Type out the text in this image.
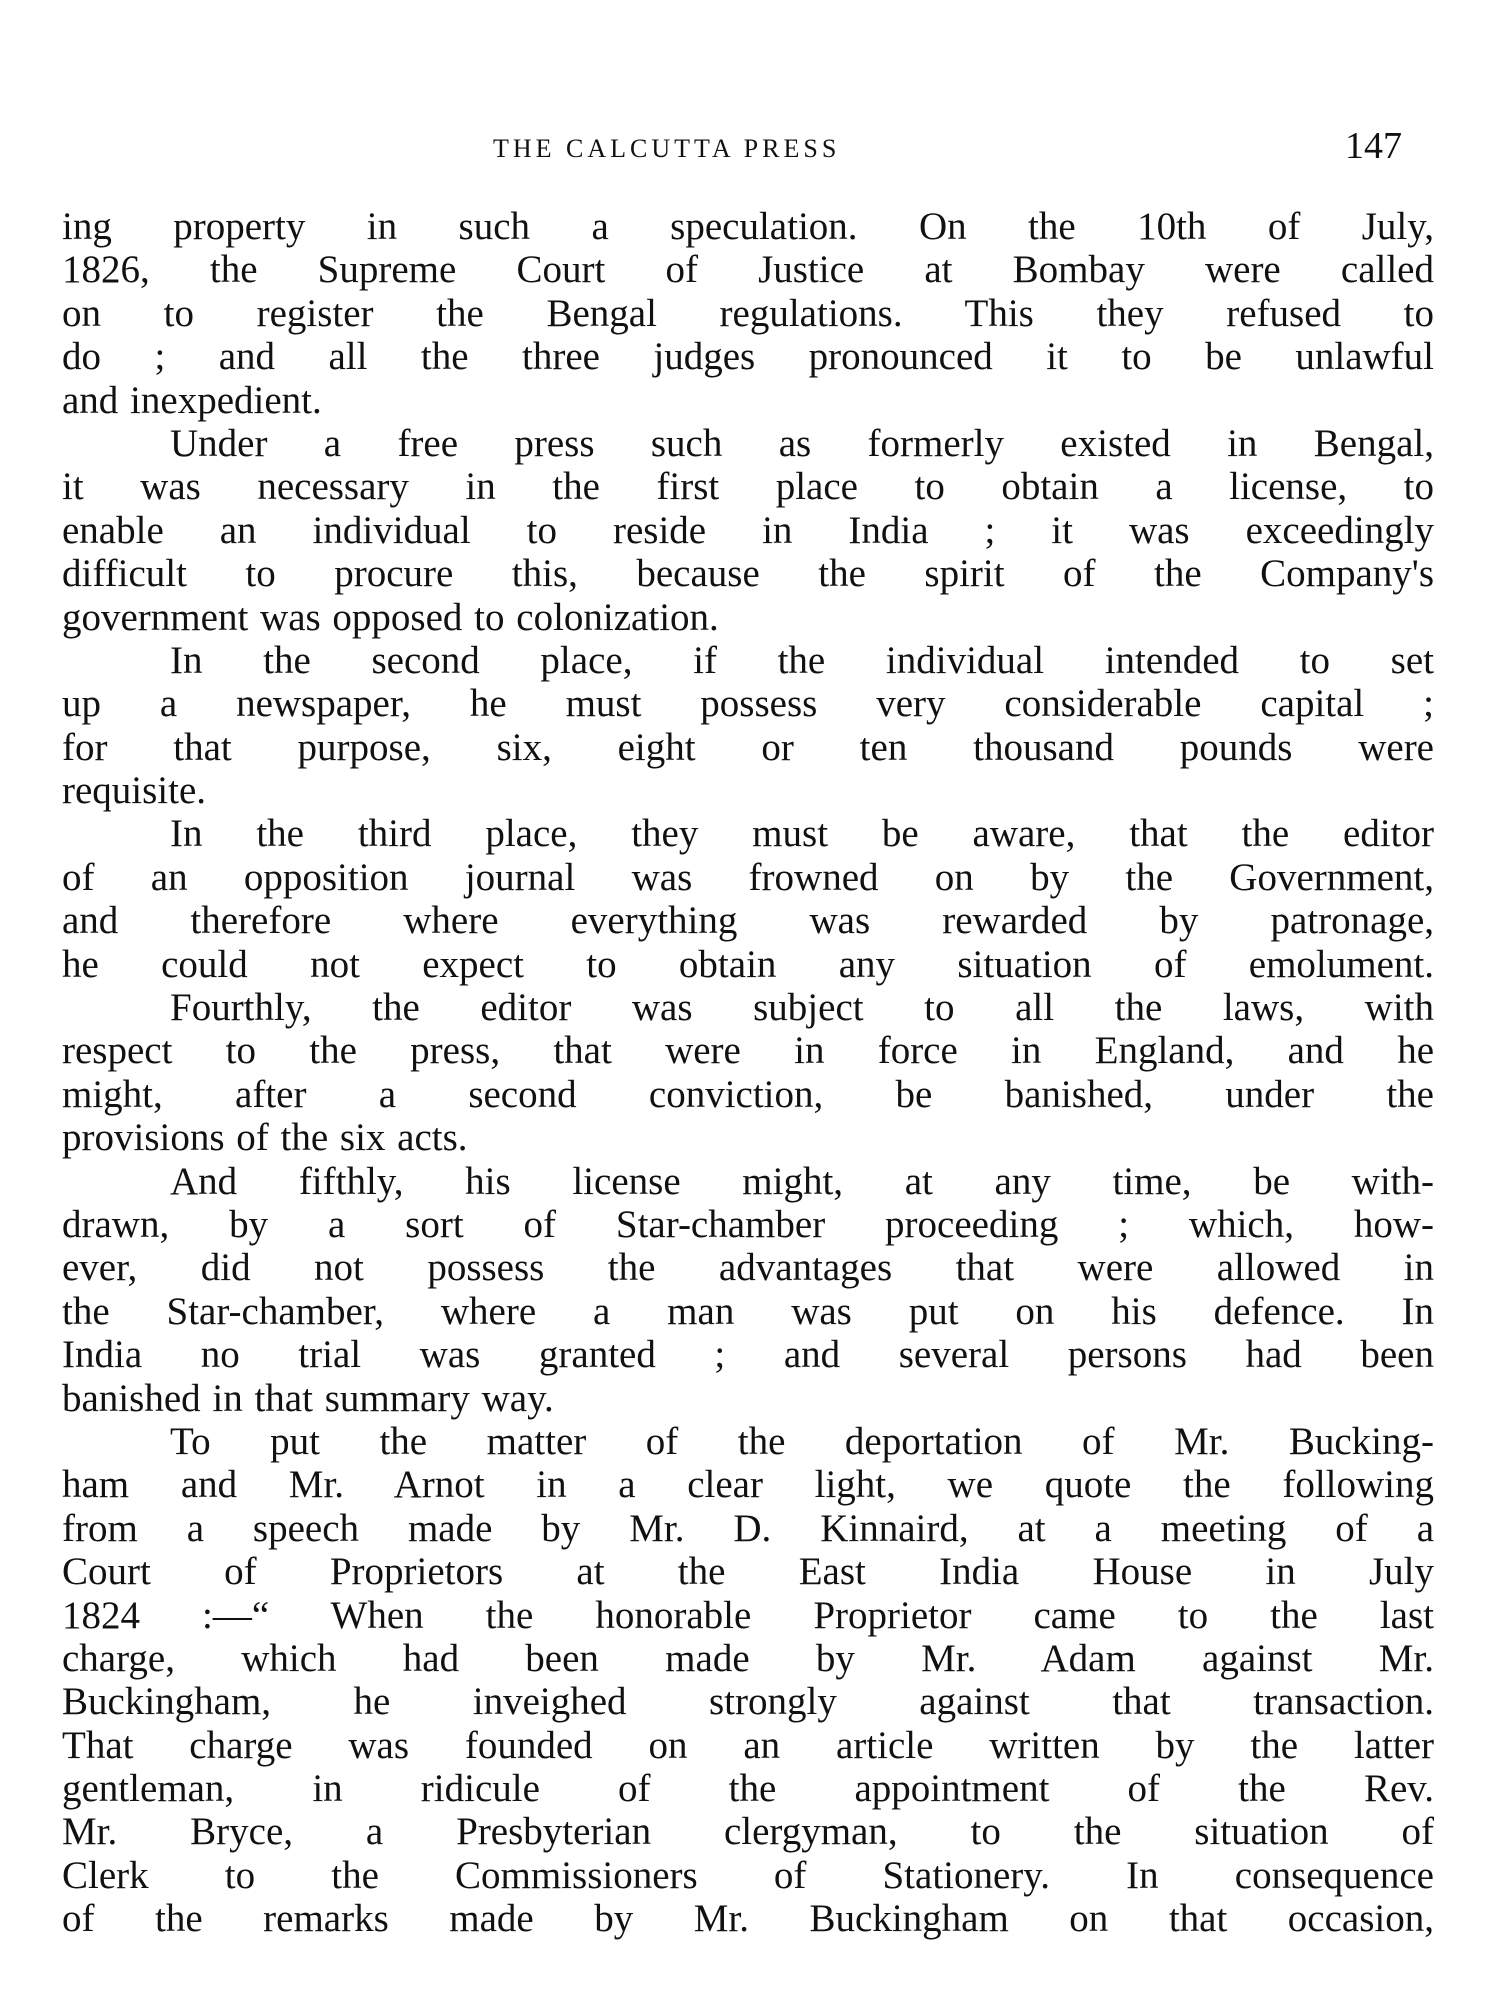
THE CALCUTTA PRESS	147
ing property in such a speculation. On the 10th of July,
1826, the Supreme Court of Justice at Bombay were called
on to register the Bengal regulations. This they refused to
do ; and all the three judges pronounced it to be unlawful
and inexpedient.
Under a free press such as formerly existed in Bengal,
it was necessary in the first place to obtain a license, to
enable an individual to reside in India ; it was exceedingly
difficult to procure this, because the spirit of the Company's
government was opposed to colonization.
In the second place, if the individual intended to set
up a newspaper, he must possess very considerable capital ;
for that purpose, six, eight or ten thousand pounds were
requisite.
In the third place, they must be aware, that the editor
of an opposition journal was frowned on by the Government,
and therefore where everything was rewarded by patronage,
he could not expect to obtain any situation of emolument.
Fourthly, the editor was subject to all the laws, with
respect to the press, that were in force in England, and he
might, after a second conviction, be banished, under the
provisions of the six acts.
And fifthly, his license might, at any time, be with-
drawn, by a sort of Star-chamber proceeding ; which, how-
ever, did not possess the advantages that were allowed in
the Star-chamber, where a man was put on his defence. In
India no trial was granted ; and several persons had been
banished in that summary way.
To put the matter of the deportation of Mr. Bucking-
ham and Mr. Arnot in a clear light, we quote the following
from a speech made by Mr. D. Kinnaird, at a meeting of a
Court of Proprietors at the East India House in July
1824 :—“ When the honorable Proprietor came to the last
charge, which had been made by Mr. Adam against Mr.
Buckingham, he inveighed strongly against that transaction.
That charge was founded on an article written by the latter
gentleman, in ridicule of the appointment of the Rev.
Mr. Bryce, a Presbyterian clergyman, to the situation of
Clerk to the Commissioners of Stationery. In consequence
of the remarks made by Mr. Buckingham on that occasion,
